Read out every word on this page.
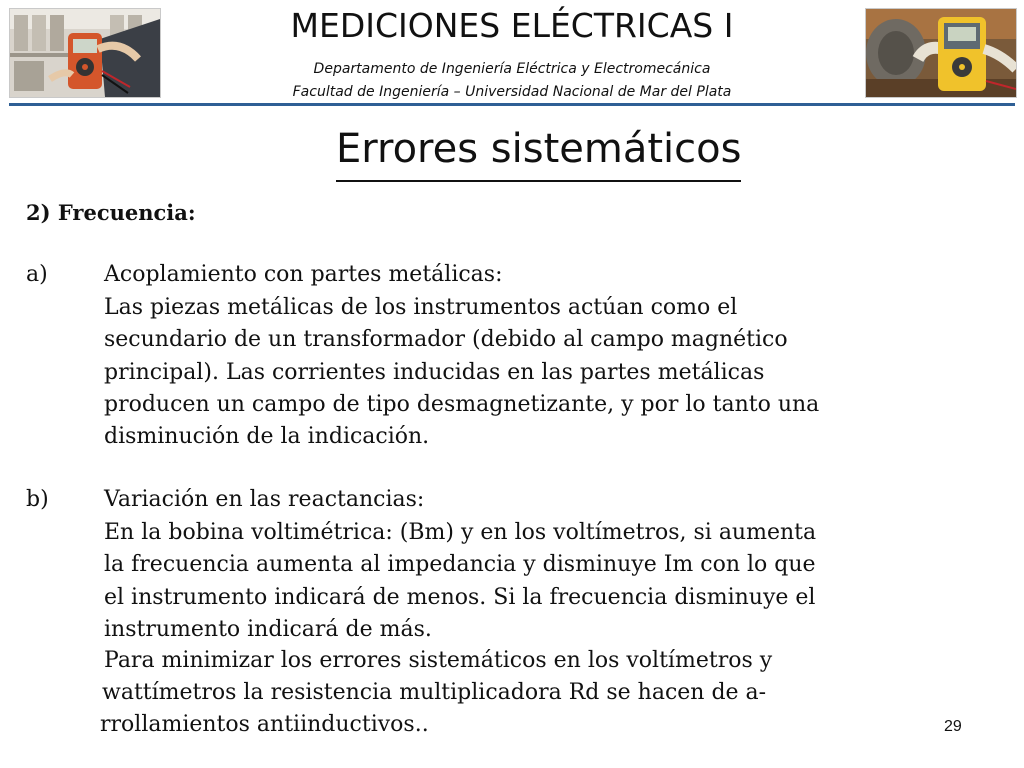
MEDICIONES ELÉCTRICAS I
Departamento de Ingeniería Eléctrica y Electromecánica
Facultad de Ingeniería – Universidad Nacional de Mar del Plata
Errores sistemáticos
2) Frecuencia:
a)	Acoplamiento con partes metálicas:
Las piezas metálicas de los instrumentos actúan como el
secundario de un transformador (debido al campo magnético
principal). Las corrientes inducidas en las partes metálicas
producen un campo de tipo desmagnetizante, y por lo tanto una
disminución de la indicación.
b)	Variación en las reactancias:
En la bobina voltimétrica: (Bm) y en los voltímetros, si aumenta
la frecuencia aumenta al impedancia y disminuye Im con lo que
el instrumento indicará de menos. Si la frecuencia disminuye el
instrumento indicará de más.
Para minimizar los errores sistemáticos en los voltímetros y
wattímetros la resistencia multiplicadora Rd se hacen de a-
rrollamientos antiinductivos..	29
